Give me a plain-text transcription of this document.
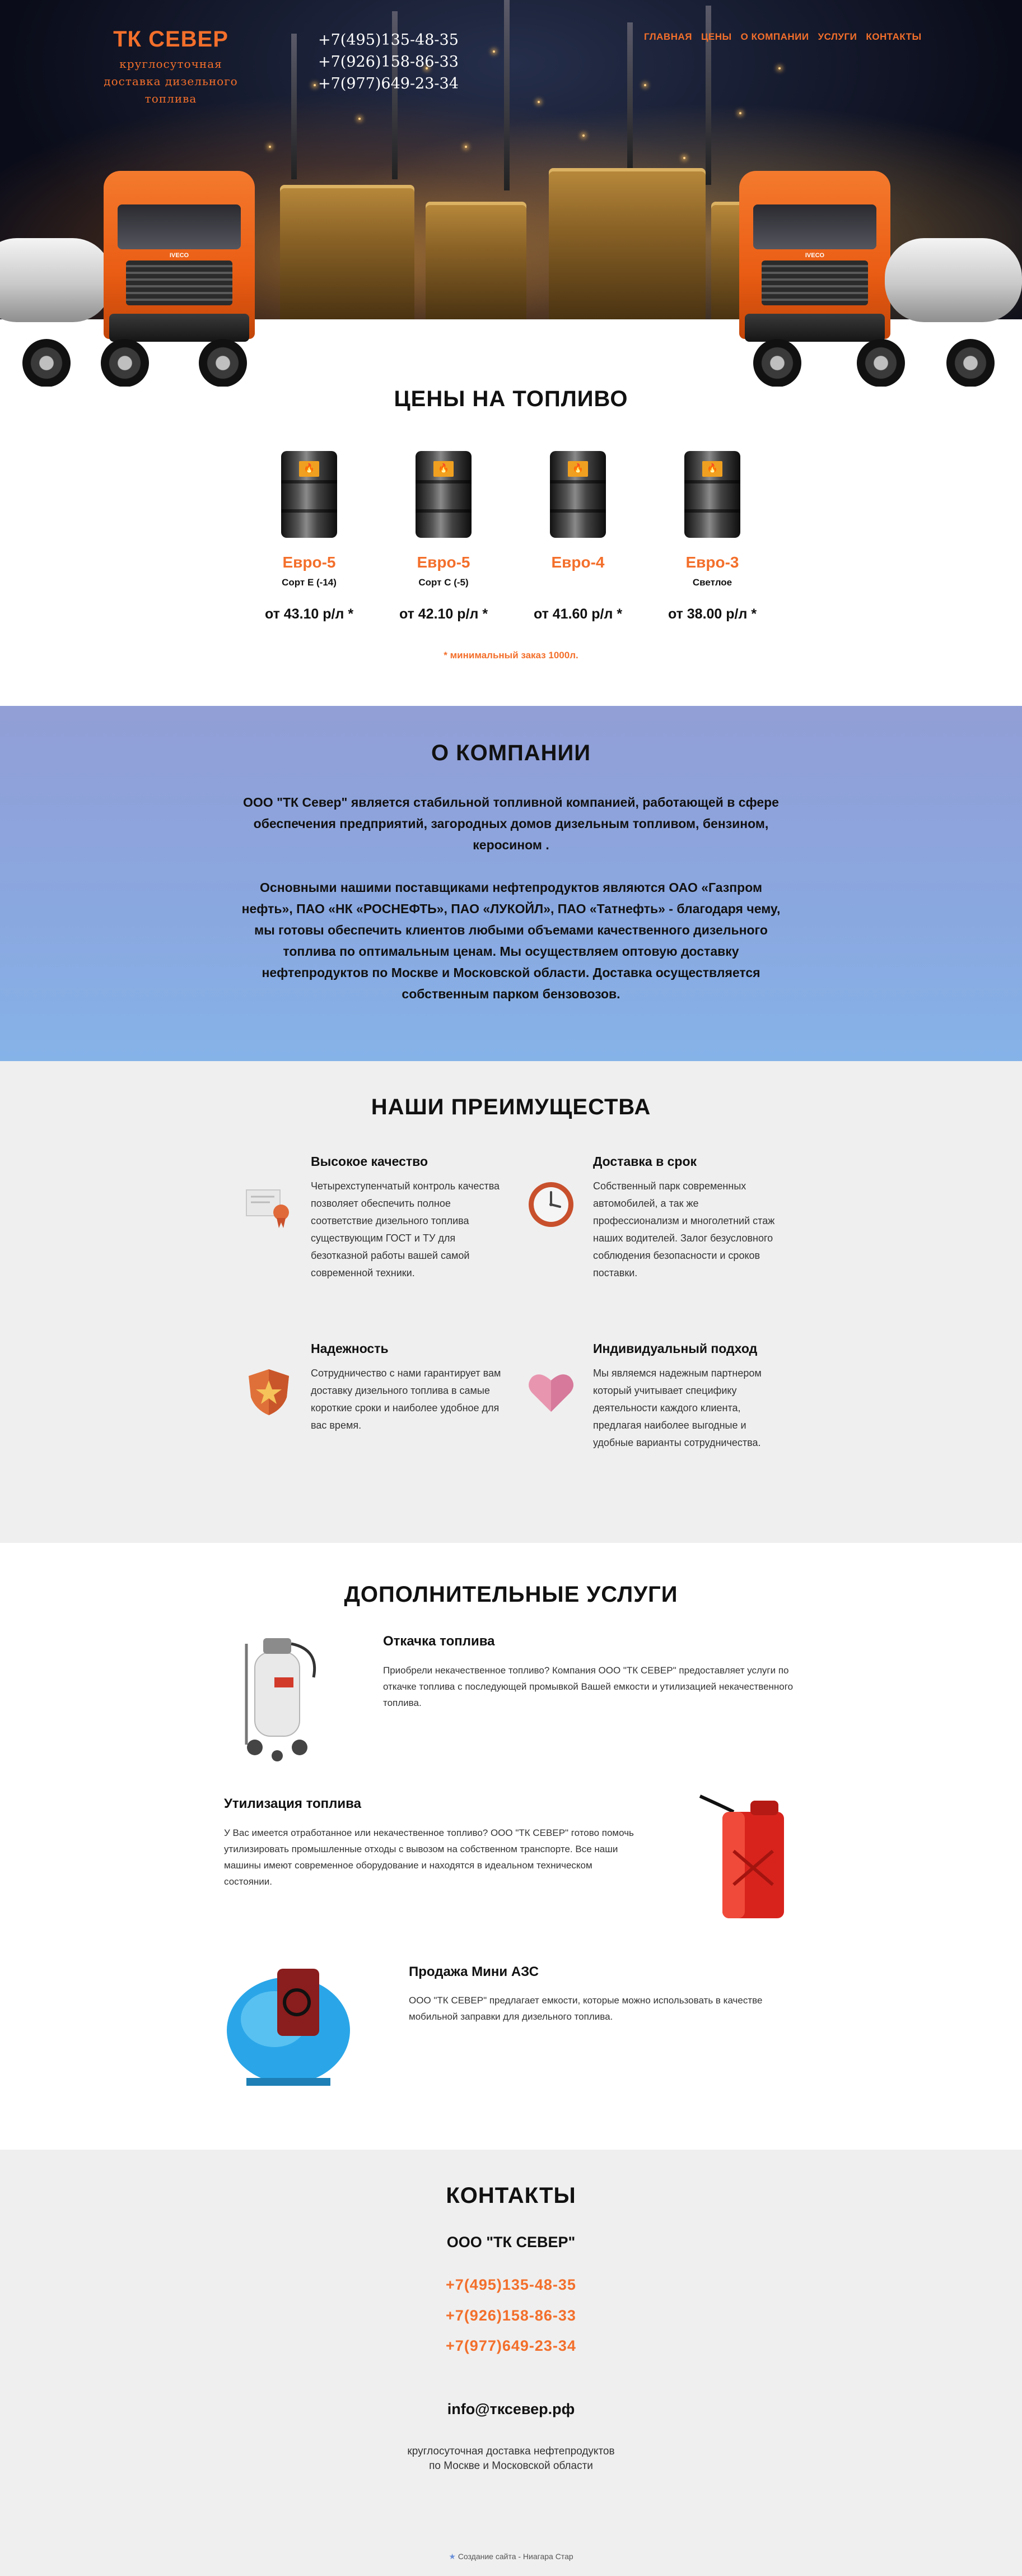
IVECO	IVECO
ТК СЕВЕР
круглосуточная
доставка дизельного
топлива
+7(495)135-48-35
+7(926)158-86-33
+7(977)649-23-34
ГЛАВНАЯ ЦЕНЫ О КОМПАНИИ УСЛУГИ КОНТАКТЫ
ЦЕНЫ НА ТОПЛИВО
🔥
Евро-5
Сорт Е (-14)
от 43.10 р/л *
🔥
Евро-5
Сорт С (-5)
от 42.10 р/л *
🔥
Евро-4
от 41.60 р/л *
🔥
Евро-3
Светлое
от 38.00 р/л *
* минимальный заказ 1000л.
О КОМПАНИИ

ООО "ТК Север" является стабильной топливной компанией, работающей в сфере обеспечения предприятий, загородных домов дизельным топливом, бензином, керосином .

Основными нашими поставщиками нефтепродуктов являются ОАО «Газпром нефть», ПАО «НК «РОСНЕФТЬ», ПАО «ЛУКОЙЛ», ПАО «Татнефть» - благодаря чему, мы готовы обеспечить клиентов любыми объемами качественного дизельного топлива по оптимальным ценам. Мы осуществляем оптовую доставку нефтепродуктов по Москве и Московской области. Доставка осуществляется собственным парком бензовозов.

НАШИ ПРЕИМУЩЕСТВА
Высокое качество
Четырехступенчатый контроль качества позволяет обеспечить полное соответствие дизельного топлива существующим ГОСТ и ТУ для безотказной работы вашей самой современной техники.
Доставка в срок
Собственный парк современных автомобилей, а так же профессионализм и многолетний стаж наших водителей. Залог безусловного соблюдения безопасности и сроков поставки.
Надежность
Сотрудничество с нами гарантирует вам доставку дизельного топлива в самые короткие сроки и наиболее удобное для вас время.
Индивидуальный подход
Мы являемся надежным партнером который учитывает специфику деятельности каждого клиента, предлагая наиболее выгодные и удобные варианты сотрудничества.
ДОПОЛНИТЕЛЬНЫЕ УСЛУГИ
Откачка топлива
Приобрели некачественное топливо? Компания ООО "ТК СЕВЕР" предоставляет услуги по откачке топлива с последующей промывкой Вашей емкости и утилизацией некачественного топлива.
Утилизация топлива
У Вас имеется отработанное или некачественное топливо? ООО "ТК СЕВЕР" готово помочь утилизировать промышленные отходы с вывозом на собственном транспорте. Все наши машины имеют современное оборудование и находятся в идеальном техническом состоянии.
Продажа Мини АЗС
ООО "ТК СЕВЕР" предлагает емкости, которые можно использовать в качестве мобильной заправки для дизельного топлива.
КОНТАКТЫ
ООО "ТК СЕВЕР"
+7(495)135-48-35
+7(926)158-86-33
+7(977)649-23-34
info@тксевер.рф
круглосуточная доставка нефтепродуктов
по Москве и Московской области
★ Создание сайта - Ниагара Стар
